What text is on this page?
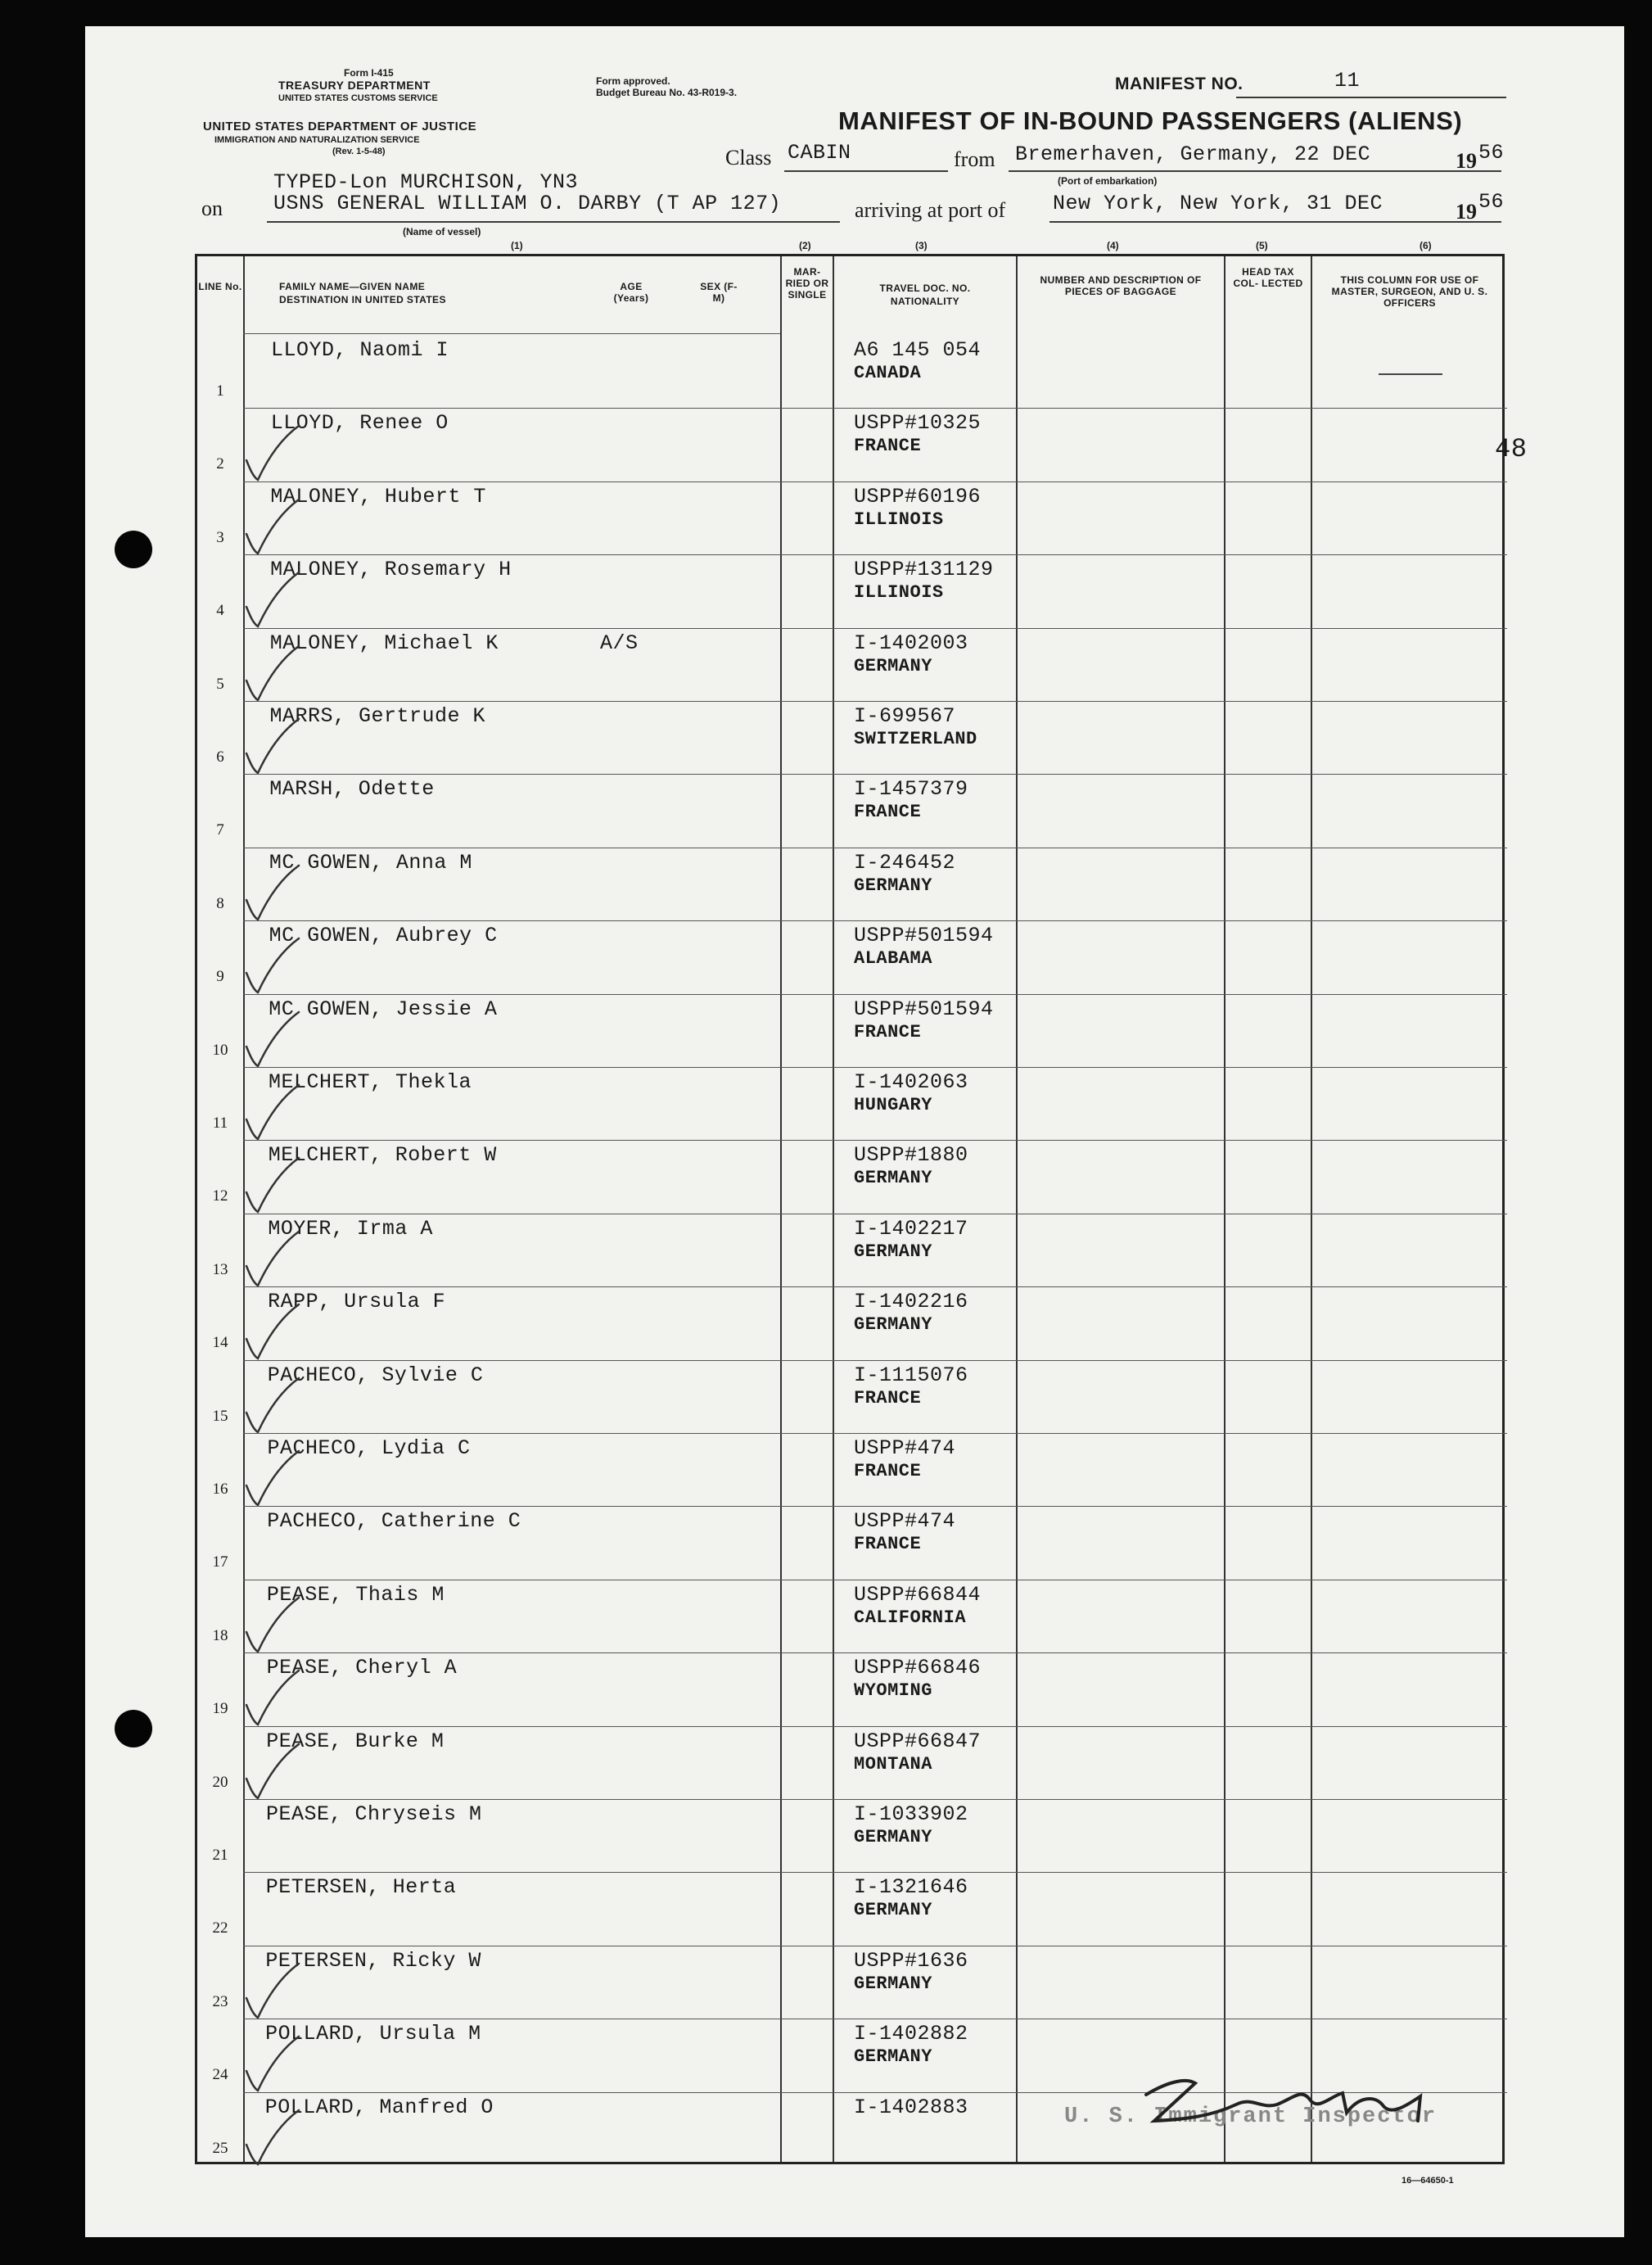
Form I-415
TREASURY DEPARTMENT
UNITED STATES CUSTOMS SERVICE
UNITED STATES DEPARTMENT OF JUSTICE
IMMIGRATION AND NATURALIZATION SERVICE
(Rev. 1-5-48)
Form approved.
Budget Bureau No. 43-R019-3.	MANIFEST NO.	11
MANIFEST OF IN-BOUND PASSENGERS (ALIENS)
Class CABIN	from Bremerhaven, Germany, 22 DEC	19 56
(Port of embarkation)
TYPED-Lon MURCHISON, YN3
on USNS GENERAL WILLIAM O. DARBY (T AP 127)
(Name of vessel)
arriving at port of New York, New York, 31 DEC	19 56
(1)	(2)	(3)	(4)	(5)	(6)
LINE No.	FAMILY NAME—GIVEN NAME
DESTINATION IN UNITED STATES
AGE (Years)
SEX (F-M)
MAR- RIED OR SINGLE
TRAVEL DOC. NO.
NATIONALITY
NUMBER AND DESCRIPTION OF PIECES OF BAGGAGE
HEAD TAX COL- LECTED	THIS COLUMN FOR USE OF MASTER, SURGEON, AND U. S. OFFICERS
1
LLOYD, Naomi I	A6 145 054
CANADA
2
LLOYD, Renee O	USPP#10325
FRANCE
3
MALONEY, Hubert T	USPP#60196
ILLINOIS
4
MALONEY, Rosemary H	USPP#131129
ILLINOIS
5
MALONEY, Michael K	A/S	I-1402003
GERMANY
6
MARRS, Gertrude K	I-699567
SWITZERLAND
7
MARSH, Odette	I-1457379
FRANCE
8
MC GOWEN, Anna M	I-246452
GERMANY
9
MC GOWEN, Aubrey C	USPP#501594
ALABAMA
10
MC GOWEN, Jessie A	USPP#501594
FRANCE
11
MELCHERT, Thekla	I-1402063
HUNGARY
12
MELCHERT, Robert W	USPP#1880
GERMANY
13
MOYER, Irma A	I-1402217
GERMANY
14
RAPP, Ursula F	I-1402216
GERMANY
15
PACHECO, Sylvie C	I-1115076
FRANCE
16
PACHECO, Lydia C	USPP#474
FRANCE
17
PACHECO, Catherine C	USPP#474
FRANCE
18
PEASE, Thais M	USPP#66844
CALIFORNIA
19
PEASE, Cheryl A	USPP#66846
WYOMING
20
PEASE, Burke M	USPP#66847
MONTANA
21
PEASE, Chryseis M	I-1033902
GERMANY
22
PETERSEN, Herta	I-1321646
GERMANY
23
PETERSEN, Ricky W	USPP#1636
GERMANY
24
POLLARD, Ursula M	I-1402882
GERMANY
25
POLLARD, Manfred O	I-1402883
48
U. S. Immigrant Inspector
16—64650-1
